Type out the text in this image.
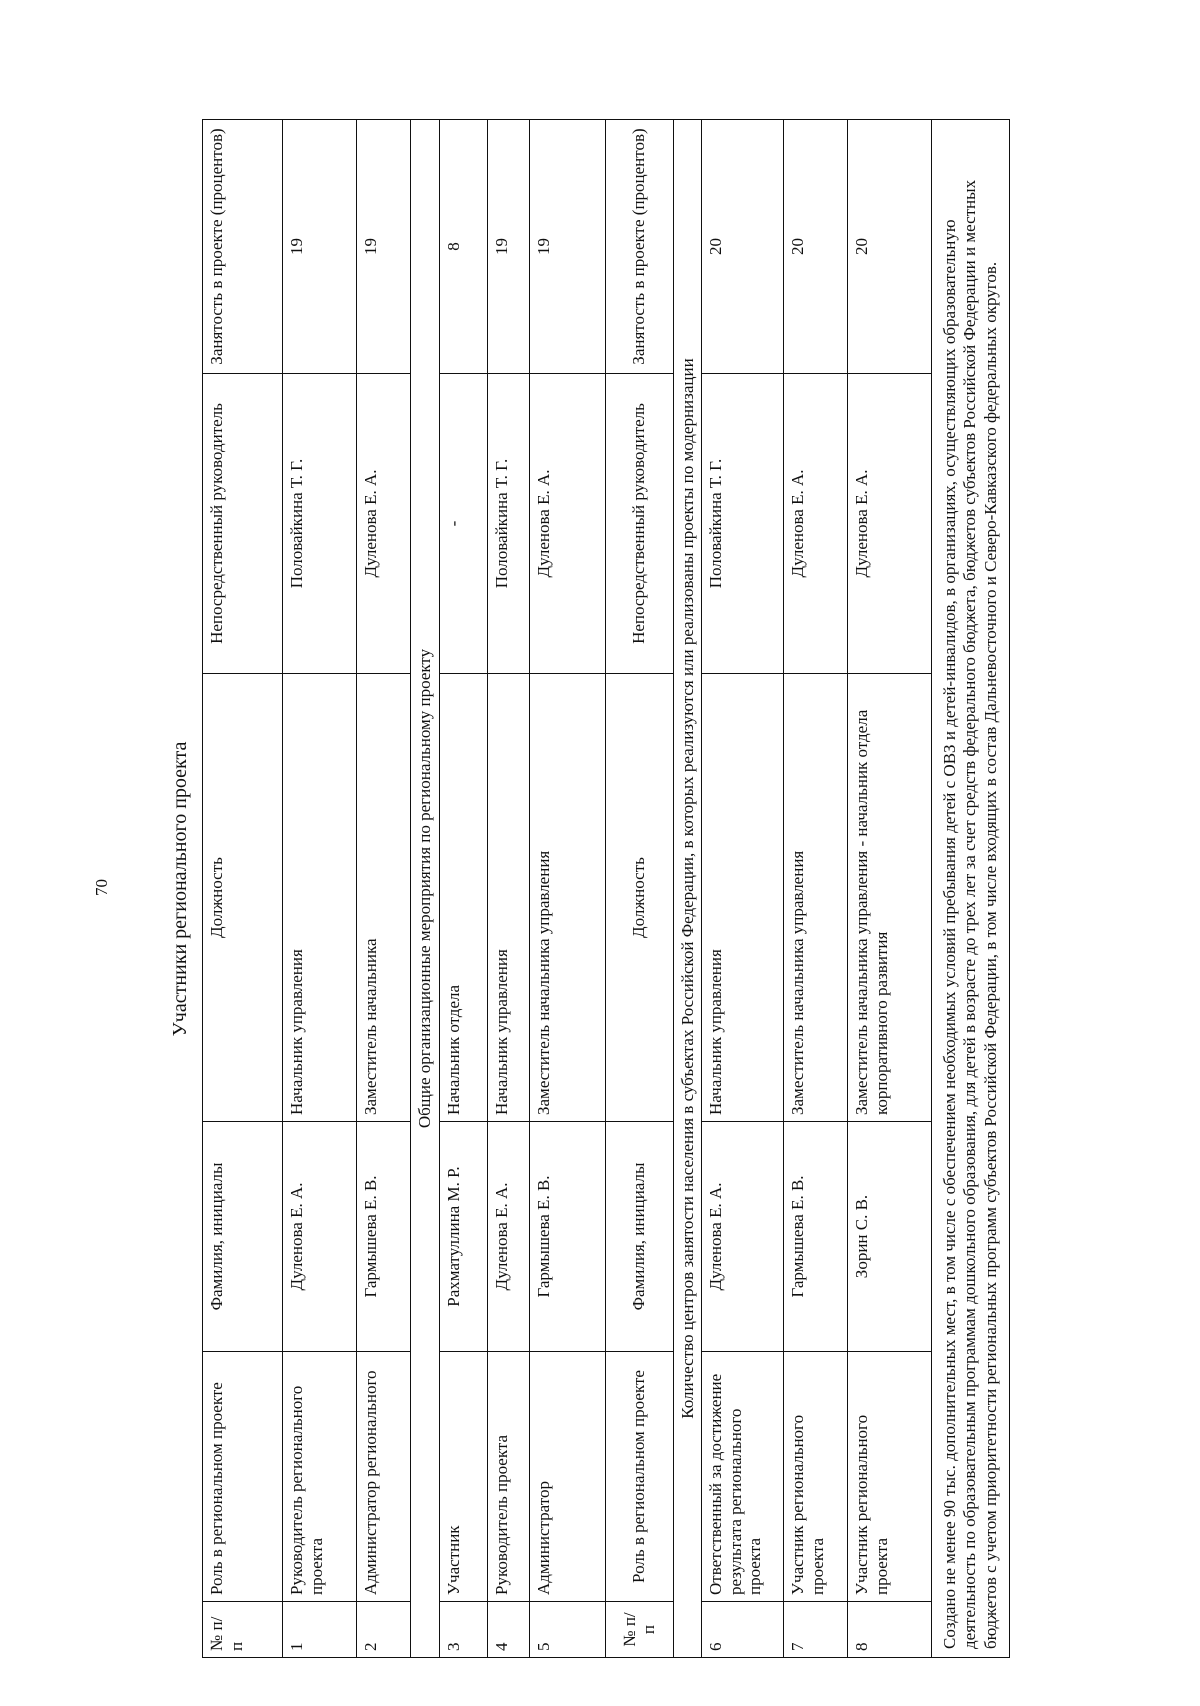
70	Участники регионального проекта
№ п/п	Роль в региональном проекте	Фамилия, инициалы	Должность	Непосредственный руководитель	Занятость в проекте (процентов)
1	Руководитель регионального проекта	Дуленова Е. А.	Начальник управления	Половайкина Т. Г.	19
2	Администратор регионального	Гармышева Е. В.	Заместитель начальника	Дуленова Е. А.	19
Общие организационные мероприятия по региональному проекту					
3	Участник	Рахматуллина М. Р.	Начальник отдела	-	8
4	Руководитель проекта	Дуленова Е. А.	Начальник управления	Половайкина Т. Г.	19
5	Администратор	Гармышева Е. В.	Заместитель начальника управления	Дуленова Е. А.	19
№ п/п	Роль в региональном проекте	Фамилия, инициалы	Должность	Непосредственный руководитель	Занятость в проекте (процентов)
Количество центров занятости населения в субъектах Российской Федерации, в которых реализуются или реализованы проекты по модернизации					
6	Ответственный за достижение результата регионального проекта	Дуленова Е. А.	Начальник управления	Половайкина Т. Г.	20
7	Участник регионального проекта	Гармышева Е. В.	Заместитель начальника управления	Дуленова Е. А.	20
8	Участник регионального проекта	Зорин С. В.	Заместитель начальника управления - начальник отдела корпоративного развития	Дуленова Е. А.	20
Создано не менее 90 тыс. дополнительных мест, в том числе с обеспечением необходимых условий пребывания детей с ОВЗ и детей-инвалидов, в организациях, осуществляющих образовательную деятельность по образовательным программам дошкольного образования, для детей в возрасте до трех лет за счет средств федерального бюджета, бюджетов субъектов Российской Федерации и местных бюджетов с учетом приоритетности региональных программ субъектов Российской Федерации, в том числе входящих в состав Дальневосточного и Северо-Кавказского федеральных округов.					
